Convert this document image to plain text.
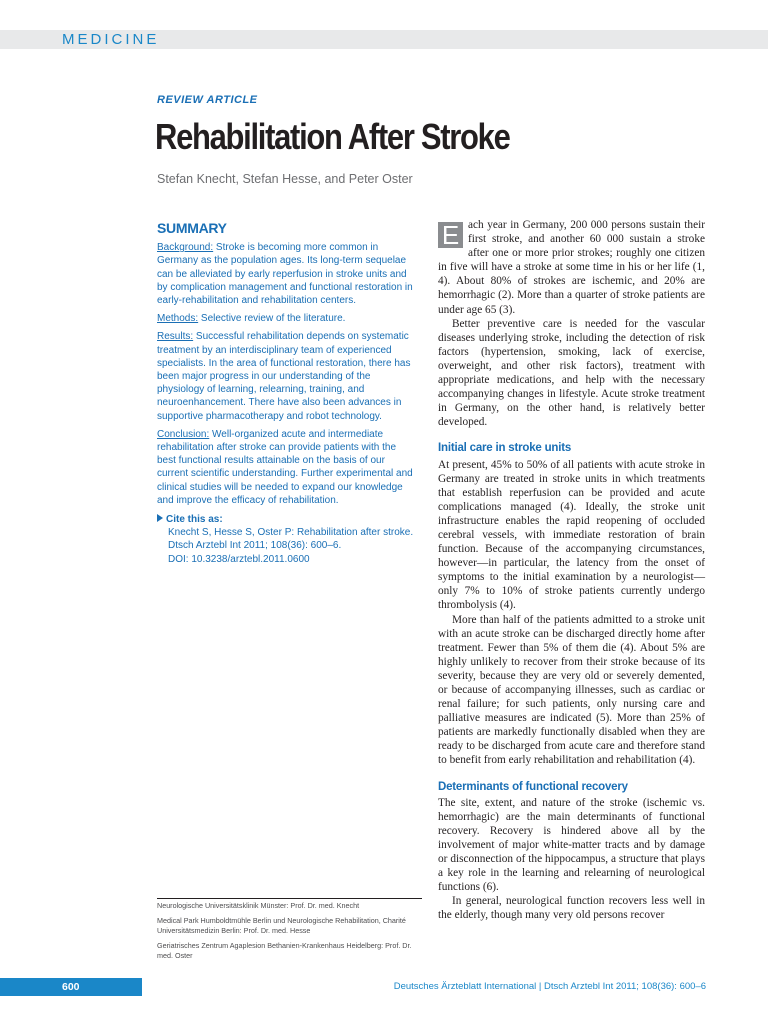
MEDICINE
REVIEW ARTICLE
Rehabilitation After Stroke
Stefan Knecht, Stefan Hesse, and Peter Oster
SUMMARY

Background: Stroke is becoming more common in Germany as the population ages. Its long-term sequelae can be alleviated by early reperfusion in stroke units and by complication management and functional restoration in early-rehabilitation and rehabilitation centers.

Methods: Selective review of the literature.

Results: Successful rehabilitation depends on systematic treatment by an interdisciplinary team of experienced specialists. In the area of functional restoration, there has been major progress in our understanding of the physiology of learning, relearning, training, and neuroenhancement. There have also been advances in supportive pharmacotherapy and robot technology.

Conclusion: Well-organized acute and intermediate rehabilitation after stroke can provide patients with the best functional results attainable on the basis of our current scientific understanding. Further experimental and clinical studies will be needed to expand our knowledge and improve the efficacy of rehabilitation.

Cite this as:
Knecht S, Hesse S, Oster P: Rehabilitation after stroke.
Dtsch Arztebl Int 2011; 108(36): 600–6.
DOI: 10.3238/arztebl.2011.0600
Neurologische Universitätsklinik Münster: Prof. Dr. med. Knecht
Medical Park Humboldtmühle Berlin und Neurologische Rehabilitation, Charité Universitätsmedizin Berlin: Prof. Dr. med. Hesse
Geriatrisches Zentrum Agaplesion Bethanien-Krankenhaus Heidelberg: Prof. Dr. med. Oster

E ach year in Germany, 200 000 persons sustain their first stroke, and another 60 000 sustain a stroke after one or more prior strokes; roughly one citizen in five will have a stroke at some time in his or her life (1, 4). About 80% of strokes are ischemic, and 20% are hemorrhagic (2). More than a quarter of stroke patients are under age 65 (3).

Better preventive care is needed for the vascular diseases underlying stroke, including the detection of risk factors (hypertension, smoking, lack of exercise, overweight, and other risk factors), treatment with appropriate medications, and help with the necessary accompanying changes in lifestyle. Acute stroke treatment in Germany, on the other hand, is relatively better developed.

Initial care in stroke units

At present, 45% to 50% of all patients with acute stroke in Germany are treated in stroke units in which treatments that establish reperfusion can be provided and acute complications managed (4). Ideally, the stroke unit infrastructure enables the rapid reopening of occluded cerebral vessels, with immediate restoration of brain function. Because of the accompanying circumstances, however—in particular, the latency from the onset of symptoms to the initial examination by a neurologist—only 7% to 10% of stroke patients currently undergo thrombolysis (4).

More than half of the patients admitted to a stroke unit with an acute stroke can be discharged directly home after treatment. Fewer than 5% of them die (4). About 5% are highly unlikely to recover from their stroke because of its severity, because they are very old or severely demented, or because of accompanying illnesses, such as cardiac or renal failure; for such patients, only nursing care and palliative measures are indicated (5). More than 25% of patients are markedly functionally disabled when they are ready to be discharged from acute care and therefore stand to benefit from early rehabilitation and rehabilitation (4).

Determinants of functional recovery

The site, extent, and nature of the stroke (ischemic vs. hemorrhagic) are the main determinants of functional recovery. Recovery is hindered above all by the involvement of major white-matter tracts and by damage or disconnection of the hippocampus, a structure that plays a key role in the learning and relearning of neurological functions (6).

In general, neurological function recovers less well in the elderly, though many very old persons recover

600	Deutsches Ärzteblatt International | Dtsch Arztebl Int 2011; 108(36): 600–6
